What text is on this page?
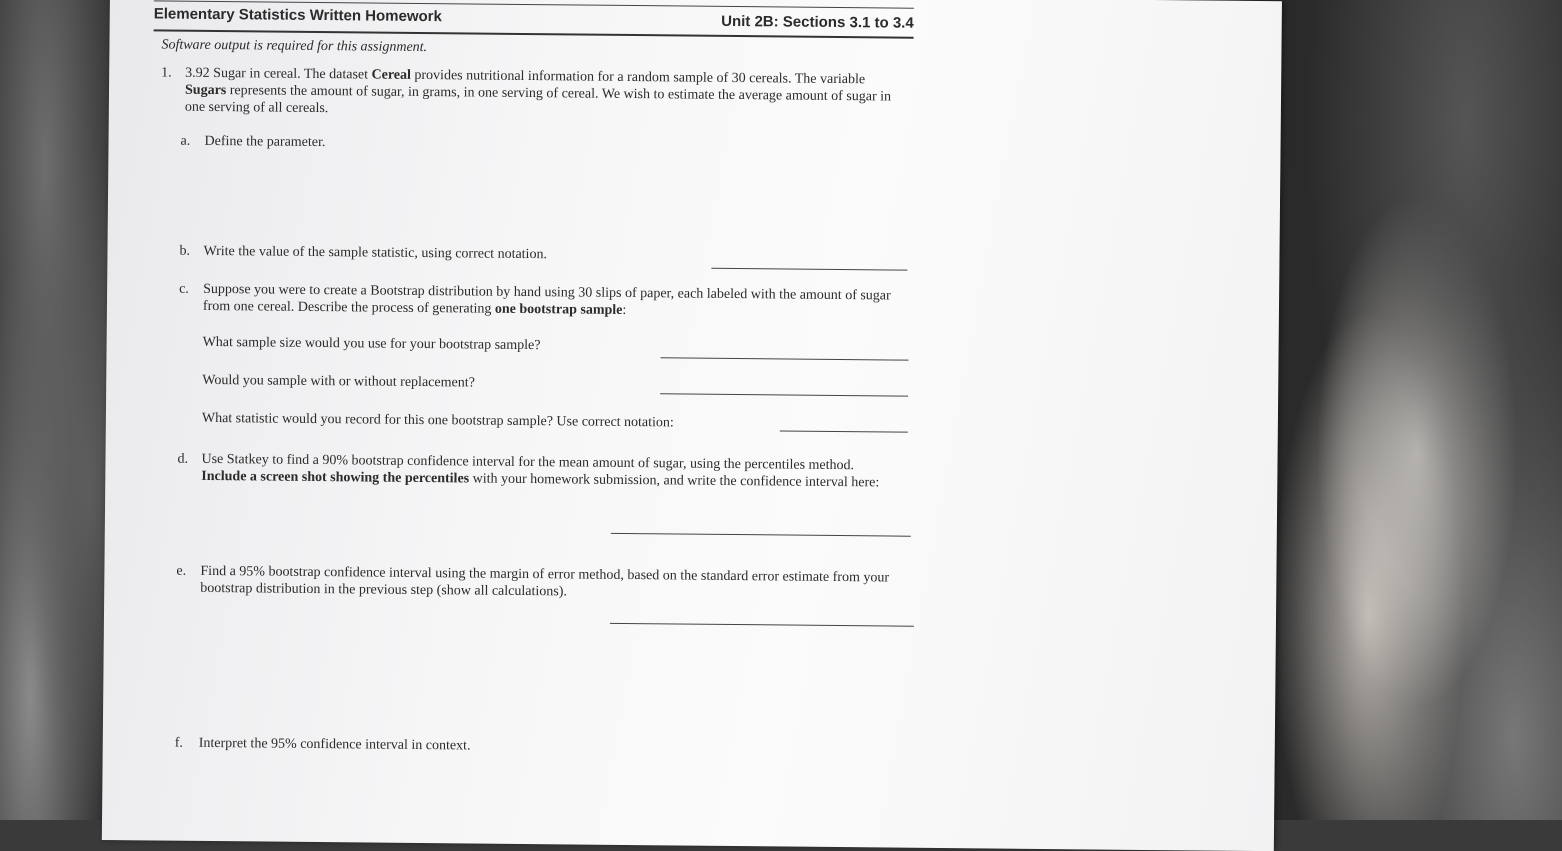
Elementary Statistics Written Homework	Unit 2B: Sections 3.1 to 3.4
Software output is required for this assignment.
1. 3.92 Sugar in cereal. The dataset Cereal provides nutritional information for a random sample of 30 cereals. The variable Sugars represents the amount of sugar, in grams, in one serving of cereal. We wish to estimate the average amount of sugar in one serving of all cereals.
a. Define the parameter.
b. Write the value of the sample statistic, using correct notation.
c. Suppose you were to create a Bootstrap distribution by hand using 30 slips of paper, each labeled with the amount of sugar from one cereal. Describe the process of generating one bootstrap sample:
What sample size would you use for your bootstrap sample?
Would you sample with or without replacement?
What statistic would you record for this one bootstrap sample? Use correct notation:
d. Use Statkey to find a 90% bootstrap confidence interval for the mean amount of sugar, using the percentiles method. Include a screen shot showing the percentiles with your homework submission, and write the confidence interval here:
e. Find a 95% bootstrap confidence interval using the margin of error method, based on the standard error estimate from your bootstrap distribution in the previous step (show all calculations).
f. Interpret the 95% confidence interval in context.
